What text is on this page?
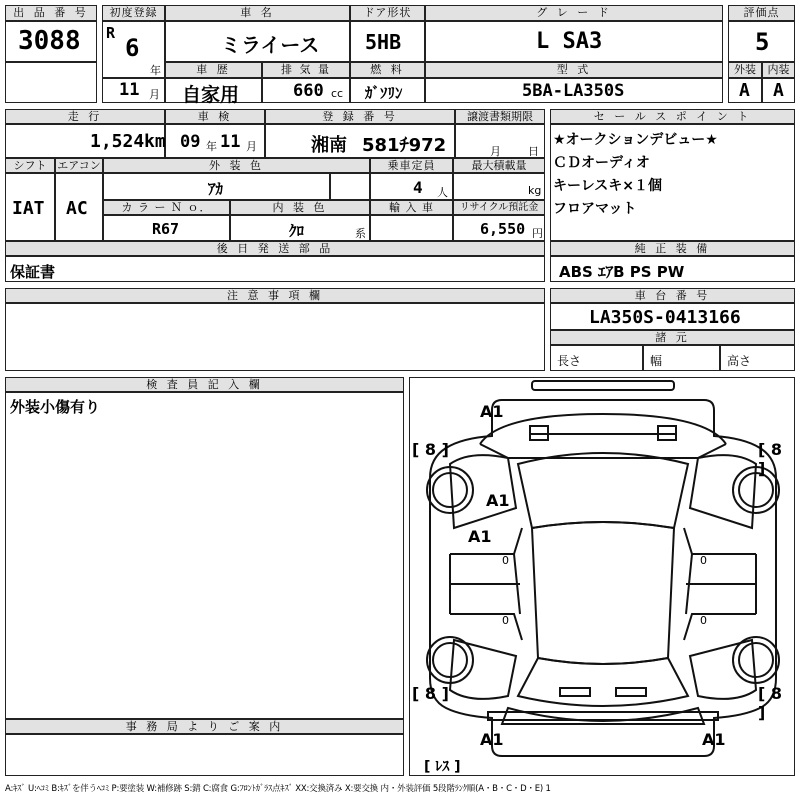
出 品 番 号
3088
初度登録
R
6
年
11 月
車 名
ミライース
ドア形状
5HB
グ レ ー ド
L SA3
評価点
5
車 歴
自家用
排 気 量
660 cc
燃 料
ｶﾞｿﾘﾝ
型 式
5BA-LA350S
外装
A
内装
A
走 行
1,524 km
車 検
09 年 11 月
登 録 番 号
湘南 581ﾁ972
譲渡書類期限
月 日
シフト
IAT
エアコン
AC
外 装 色
ｱｶ
乗車定員
4 人
最大積載量
kg
カ ラ ー Ｎ ｏ．
R67
内 装 色
ｸﾛ	系
輸 入 車	リサイクル預託金
6,550 円
後 日 発 送 部 品
保証書
セ ー ル ス ポ イ ン ト
★オークションデビュー★
ＣＤオーディオ
キーレスキ×１個
フロアマット
純 正 装 備
ABS ｴｱB PS PW
注 意 事 項 欄	車 台 番 号
LA350S-0413166
諸 元
長さ	幅	高さ
検 査 員 記 入 欄
外装小傷有り
事 務 局 よ り ご 案 内
[ 8 ]	[ 8 ]
[ 8 ]	[ 8 ]
A1
A1
A1
A1	A1
0	0
0	0
[ ﾚｽ ]
A:ｷｽﾞ U:ﾍｺﾐ B:ｷｽﾞを伴うﾍｺﾐ P:要塗装 W:補修跡 S:錆 C:腐食 G:ﾌﾛﾝﾄｶﾞﾗｽ点ｷｽﾞ XX:交換済み X:要交換 内・外装評価 5段階ﾗﾝｸ順(A・B・C・D・E) 1
